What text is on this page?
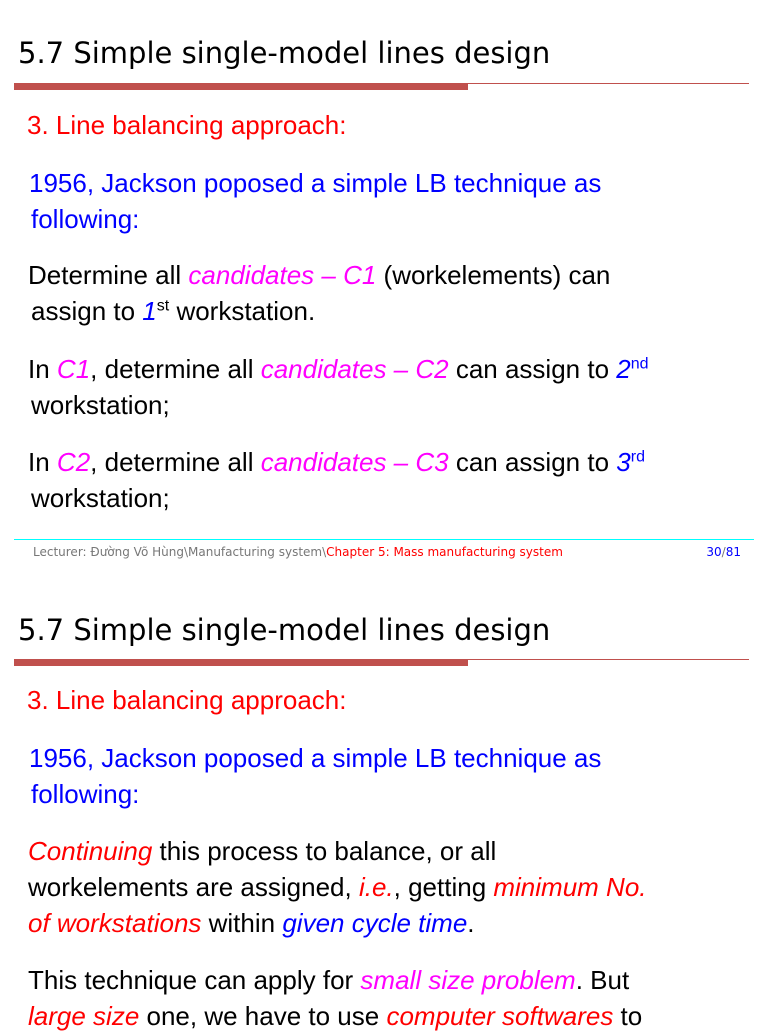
5.7 Simple single-model lines design
3. Line balancing approach:
1956, Jackson poposed a simple LB technique as
following:
Determine all candidates – C1 (workelements) can
assign to 1st workstation.
In C1, determine all candidates – C2 can assign to 2nd
workstation;
In C2, determine all candidates – C3 can assign to 3rd
workstation;
Lecturer: Đường Võ Hùng\Manufacturing system\Chapter 5: Mass manufacturing system	30/81
5.7 Simple single-model lines design
3. Line balancing approach:
1956, Jackson poposed a simple LB technique as
following:
Continuing this process to balance, or all
workelements are assigned, i.e., getting minimum No.
of workstations within given cycle time.
This technique can apply for small size problem. But
large size one, we have to use computer softwares to
